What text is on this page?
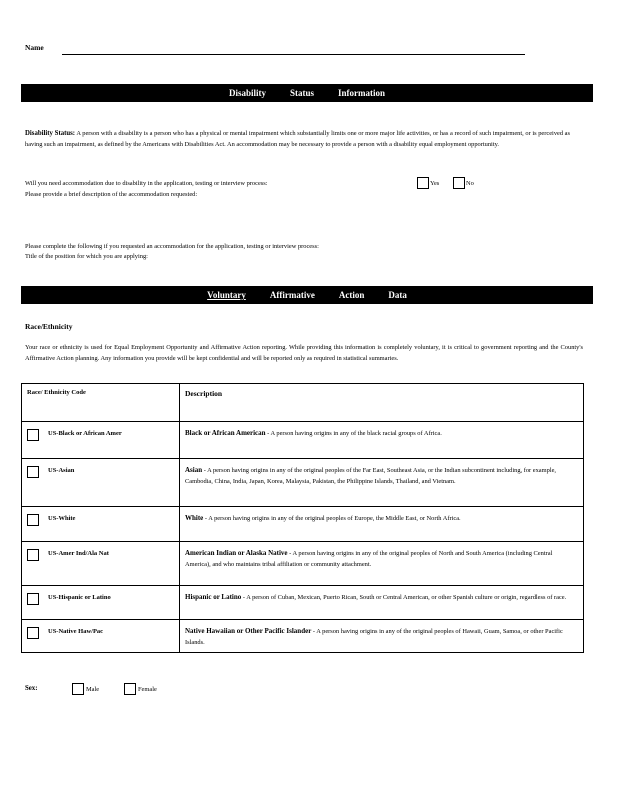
Name
Disability	Status	Information
Disability Status: A person with a disability is a person who has a physical or mental impairment which substantially limits one or more major life activities, or has a record of such impairment, or is perceived as having such an impairment, as defined by the Americans with Disabilities Act. An accommodation may be necessary to provide a person with a disability equal employment opportunity.
Will you need accommodation due to disability in the application, testing or interview process:	Yes	No
Please provide a brief description of the accommodation requested:
Please complete the following if you requested an accommodation for the application, testing or interview process:
Title of the position for which you are applying:
Voluntary	Affirmative	Action	Data
Race/Ethnicity
Your race or ethnicity is used for Equal Employment Opportunity and Affirmative Action reporting. While providing this information is completely voluntary, it is critical to government reporting and the County's Affirmative Action planning. Any information you provide will be kept confidential and will be reported only as required in statistical summaries.
Race/ Ethnicity Code	Description

US-Black or African Amer	Black or African American - A person having origins in any of the black racial groups of Africa.

US-Asian	Asian - A person having origins in any of the original peoples of the Far East, Southeast Asia, or the Indian subcontinent including, for example, Cambodia, China, India, Japan, Korea, Malaysia, Pakistan, the Philippine Islands, Thailand, and Vietnam.

US-White	White - A person having origins in any of the original peoples of Europe, the Middle East, or North Africa.

US-Amer Ind/Ala Nat	American Indian or Alaska Native - A person having origins in any of the original peoples of North and South America (including Central America), and who maintains tribal affiliation or community attachment.

US-Hispanic or Latino	Hispanic or Latino - A person of Cuban, Mexican, Puerto Rican, South or Central American, or other Spanish culture or origin, regardless of race.

US-Native Haw/Pac	Native Hawaiian or Other Pacific Islander - A person having origins in any of the original peoples of Hawaii, Guam, Samoa, or other Pacific Islands.
Sex:	Male	Female
